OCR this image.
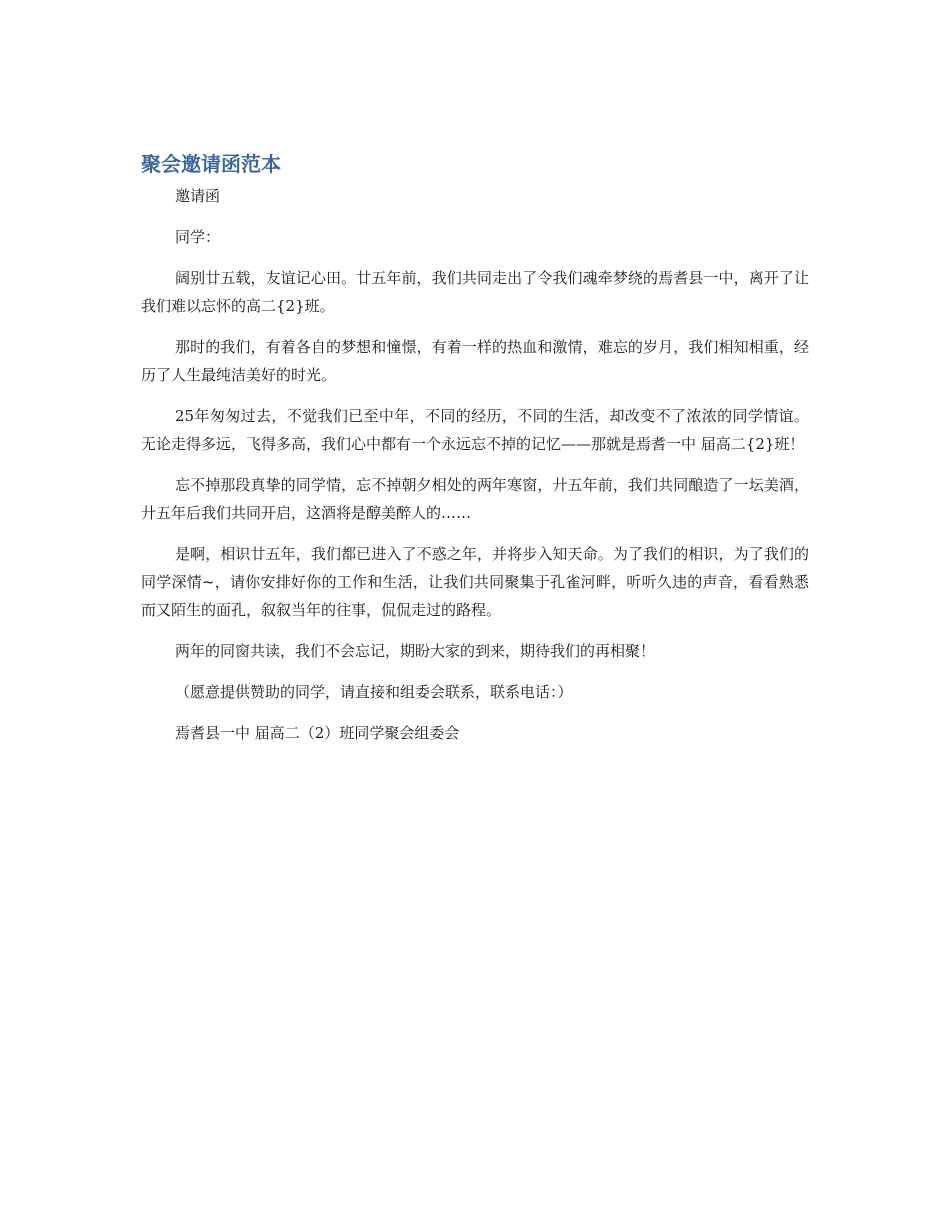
聚会邀请函范本

邀请函

同学：

阔别廿五载，友谊记心田。廿五年前，我们共同走出了令我们魂牵梦绕的焉耆县一中，离开了让我们难以忘怀的高二{2}班。

那时的我们，有着各自的梦想和憧憬，有着一样的热血和激情，难忘的岁月，我们相知相重，经历了人生最纯洁美好的时光。

25年匆匆过去，不觉我们已至中年，不同的经历，不同的生活，却改变不了浓浓的同学情谊。无论走得多远，飞得多高，我们心中都有一个永远忘不掉的记忆——那就是焉耆一中 届高二{2}班！

忘不掉那段真挚的同学情，忘不掉朝夕相处的两年寒窗，廾五年前，我们共同酿造了一坛美酒，廾五年后我们共同开启，这酒将是醇美醉人的……

是啊，相识廿五年，我们都已进入了不惑之年，并将步入知天命。为了我们的相识，为了我们的同学深情~，请你安排好你的工作和生活，让我们共同聚集于孔雀河畔，听听久违的声音，看看熟悉而又陌生的面孔，叙叙当年的往事，侃侃走过的路程。

两年的同窗共读，我们不会忘记，期盼大家的到来，期待我们的再相聚！

（愿意提供赞助的同学，请直接和组委会联系，联系电话：）

焉耆县一中 届高二（2）班同学聚会组委会
